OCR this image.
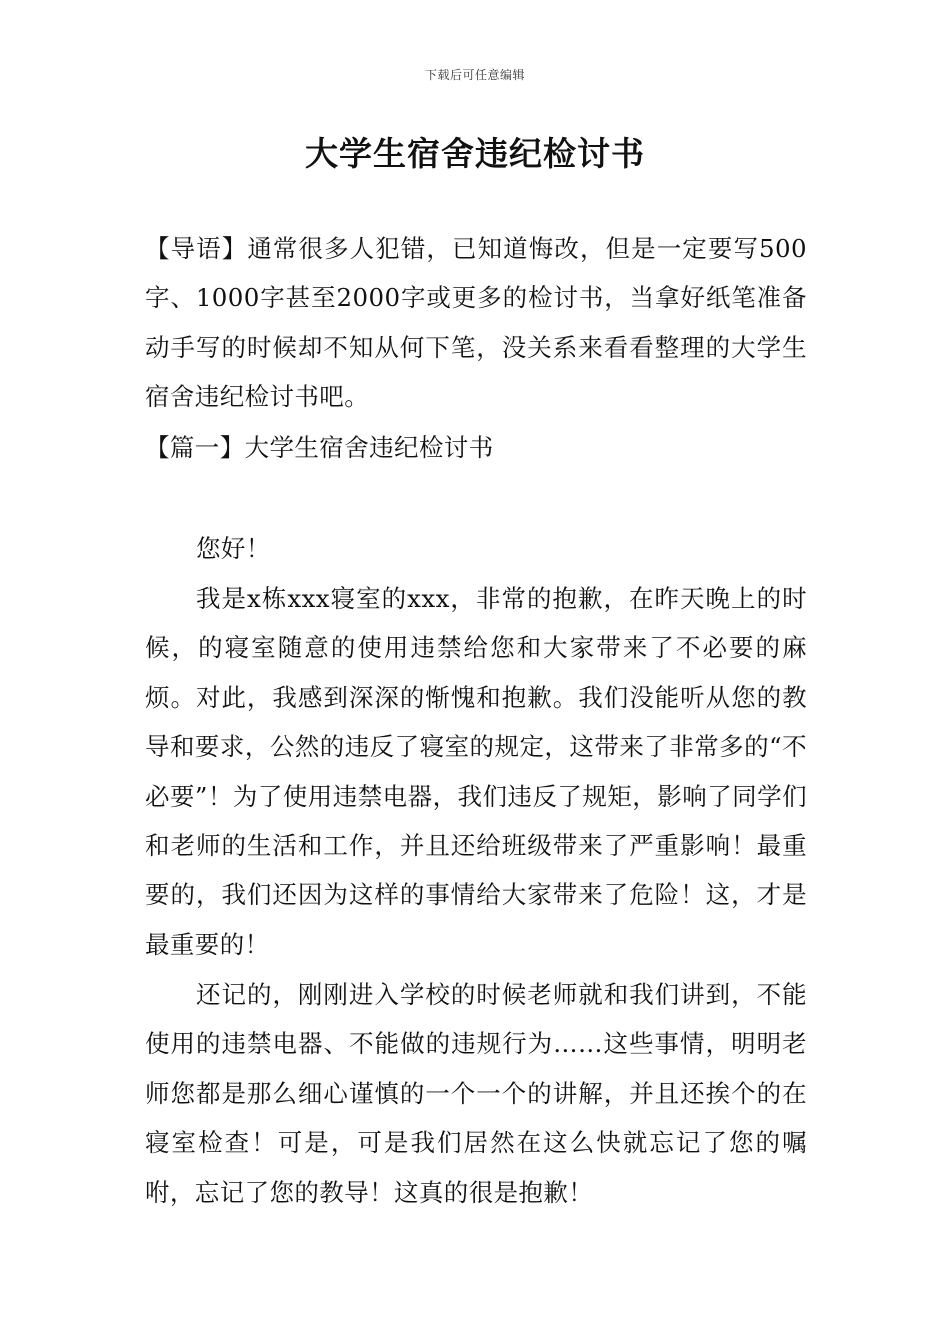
下载后可任意编辑
大学生宿舍违纪检讨书

【导语】通常很多人犯错，已知道悔改，但是一定要写500字、1000字甚至2000字或更多的检讨书，当拿好纸笔准备动手写的时候却不知从何下笔，没关系来看看整理的大学生宿舍违纪检讨书吧。

【篇一】大学生宿舍违纪检讨书

您好！

我是x栋xxx寝室的xxx，非常的抱歉，在昨天晚上的时候，的寝室随意的使用违禁给您和大家带来了不必要的麻烦。对此，我感到深深的惭愧和抱歉。我们没能听从您的教导和要求，公然的违反了寝室的规定，这带来了非常多的“不必要”！为了使用违禁电器，我们违反了规矩，影响了同学们和老师的生活和工作，并且还给班级带来了严重影响！最重要的，我们还因为这样的事情给大家带来了危险！这，才是最重要的！

还记的，刚刚进入学校的时候老师就和我们讲到，不能使用的违禁电器、不能做的违规行为……这些事情，明明老师您都是那么细心谨慎的一个一个的讲解，并且还挨个的在寝室检查！可是，可是我们居然在这么快就忘记了您的嘱咐，忘记了您的教导！这真的很是抱歉！
